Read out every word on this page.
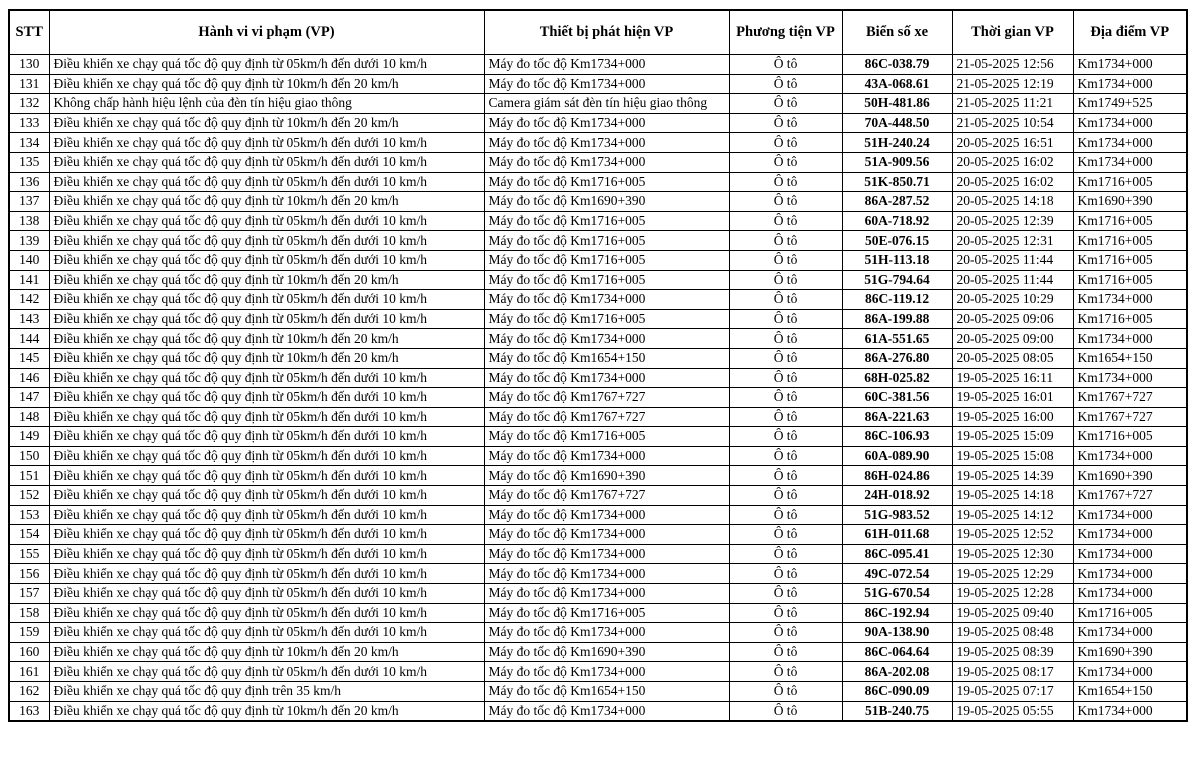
STT	Hành vi vi phạm (VP)	Thiết bị phát hiện VP	Phương tiện VP	Biển số xe	Thời gian VP	Địa điểm VP
130	Điều khiển xe chạy quá tốc độ quy định từ 05km/h đến dưới 10 km/h	Máy đo tốc độ Km1734+000	Ô tô	86C-038.79	21-05-2025 12:56	Km1734+000
131	Điều khiển xe chạy quá tốc độ quy định từ 10km/h đến 20 km/h	Máy đo tốc độ Km1734+000	Ô tô	43A-068.61	21-05-2025 12:19	Km1734+000
132	Không chấp hành hiệu lệnh của đèn tín hiệu giao thông	Camera giám sát đèn tín hiệu giao thông	Ô tô	50H-481.86	21-05-2025 11:21	Km1749+525
133	Điều khiển xe chạy quá tốc độ quy định từ 10km/h đến 20 km/h	Máy đo tốc độ Km1734+000	Ô tô	70A-448.50	21-05-2025 10:54	Km1734+000
134	Điều khiển xe chạy quá tốc độ quy định từ 05km/h đến dưới 10 km/h	Máy đo tốc độ Km1734+000	Ô tô	51H-240.24	20-05-2025 16:51	Km1734+000
135	Điều khiển xe chạy quá tốc độ quy định từ 05km/h đến dưới 10 km/h	Máy đo tốc độ Km1734+000	Ô tô	51A-909.56	20-05-2025 16:02	Km1734+000
136	Điều khiển xe chạy quá tốc độ quy định từ 05km/h đến dưới 10 km/h	Máy đo tốc độ Km1716+005	Ô tô	51K-850.71	20-05-2025 16:02	Km1716+005
137	Điều khiển xe chạy quá tốc độ quy định từ 10km/h đến 20 km/h	Máy đo tốc độ Km1690+390	Ô tô	86A-287.52	20-05-2025 14:18	Km1690+390
138	Điều khiển xe chạy quá tốc độ quy định từ 05km/h đến dưới 10 km/h	Máy đo tốc độ Km1716+005	Ô tô	60A-718.92	20-05-2025 12:39	Km1716+005
139	Điều khiển xe chạy quá tốc độ quy định từ 05km/h đến dưới 10 km/h	Máy đo tốc độ Km1716+005	Ô tô	50E-076.15	20-05-2025 12:31	Km1716+005
140	Điều khiển xe chạy quá tốc độ quy định từ 05km/h đến dưới 10 km/h	Máy đo tốc độ Km1716+005	Ô tô	51H-113.18	20-05-2025 11:44	Km1716+005
141	Điều khiển xe chạy quá tốc độ quy định từ 10km/h đến 20 km/h	Máy đo tốc độ Km1716+005	Ô tô	51G-794.64	20-05-2025 11:44	Km1716+005
142	Điều khiển xe chạy quá tốc độ quy định từ 05km/h đến dưới 10 km/h	Máy đo tốc độ Km1734+000	Ô tô	86C-119.12	20-05-2025 10:29	Km1734+000
143	Điều khiển xe chạy quá tốc độ quy định từ 05km/h đến dưới 10 km/h	Máy đo tốc độ Km1716+005	Ô tô	86A-199.88	20-05-2025 09:06	Km1716+005
144	Điều khiển xe chạy quá tốc độ quy định từ 10km/h đến 20 km/h	Máy đo tốc độ Km1734+000	Ô tô	61A-551.65	20-05-2025 09:00	Km1734+000
145	Điều khiển xe chạy quá tốc độ quy định từ 10km/h đến 20 km/h	Máy đo tốc độ Km1654+150	Ô tô	86A-276.80	20-05-2025 08:05	Km1654+150
146	Điều khiển xe chạy quá tốc độ quy định từ 05km/h đến dưới 10 km/h	Máy đo tốc độ Km1734+000	Ô tô	68H-025.82	19-05-2025 16:11	Km1734+000
147	Điều khiển xe chạy quá tốc độ quy định từ 05km/h đến dưới 10 km/h	Máy đo tốc độ Km1767+727	Ô tô	60C-381.56	19-05-2025 16:01	Km1767+727
148	Điều khiển xe chạy quá tốc độ quy định từ 05km/h đến dưới 10 km/h	Máy đo tốc độ Km1767+727	Ô tô	86A-221.63	19-05-2025 16:00	Km1767+727
149	Điều khiển xe chạy quá tốc độ quy định từ 05km/h đến dưới 10 km/h	Máy đo tốc độ Km1716+005	Ô tô	86C-106.93	19-05-2025 15:09	Km1716+005
150	Điều khiển xe chạy quá tốc độ quy định từ 05km/h đến dưới 10 km/h	Máy đo tốc độ Km1734+000	Ô tô	60A-089.90	19-05-2025 15:08	Km1734+000
151	Điều khiển xe chạy quá tốc độ quy định từ 05km/h đến dưới 10 km/h	Máy đo tốc độ Km1690+390	Ô tô	86H-024.86	19-05-2025 14:39	Km1690+390
152	Điều khiển xe chạy quá tốc độ quy định từ 05km/h đến dưới 10 km/h	Máy đo tốc độ Km1767+727	Ô tô	24H-018.92	19-05-2025 14:18	Km1767+727
153	Điều khiển xe chạy quá tốc độ quy định từ 05km/h đến dưới 10 km/h	Máy đo tốc độ Km1734+000	Ô tô	51G-983.52	19-05-2025 14:12	Km1734+000
154	Điều khiển xe chạy quá tốc độ quy định từ 05km/h đến dưới 10 km/h	Máy đo tốc độ Km1734+000	Ô tô	61H-011.68	19-05-2025 12:52	Km1734+000
155	Điều khiển xe chạy quá tốc độ quy định từ 05km/h đến dưới 10 km/h	Máy đo tốc độ Km1734+000	Ô tô	86C-095.41	19-05-2025 12:30	Km1734+000
156	Điều khiển xe chạy quá tốc độ quy định từ 05km/h đến dưới 10 km/h	Máy đo tốc độ Km1734+000	Ô tô	49C-072.54	19-05-2025 12:29	Km1734+000
157	Điều khiển xe chạy quá tốc độ quy định từ 05km/h đến dưới 10 km/h	Máy đo tốc độ Km1734+000	Ô tô	51G-670.54	19-05-2025 12:28	Km1734+000
158	Điều khiển xe chạy quá tốc độ quy định từ 05km/h đến dưới 10 km/h	Máy đo tốc độ Km1716+005	Ô tô	86C-192.94	19-05-2025 09:40	Km1716+005
159	Điều khiển xe chạy quá tốc độ quy định từ 05km/h đến dưới 10 km/h	Máy đo tốc độ Km1734+000	Ô tô	90A-138.90	19-05-2025 08:48	Km1734+000
160	Điều khiển xe chạy quá tốc độ quy định từ 10km/h đến 20 km/h	Máy đo tốc độ Km1690+390	Ô tô	86C-064.64	19-05-2025 08:39	Km1690+390
161	Điều khiển xe chạy quá tốc độ quy định từ 05km/h đến dưới 10 km/h	Máy đo tốc độ Km1734+000	Ô tô	86A-202.08	19-05-2025 08:17	Km1734+000
162	Điều khiển xe chạy quá tốc độ quy định trên 35 km/h	Máy đo tốc độ Km1654+150	Ô tô	86C-090.09	19-05-2025 07:17	Km1654+150
163	Điều khiển xe chạy quá tốc độ quy định từ 10km/h đến 20 km/h	Máy đo tốc độ Km1734+000	Ô tô	51B-240.75	19-05-2025 05:55	Km1734+000
